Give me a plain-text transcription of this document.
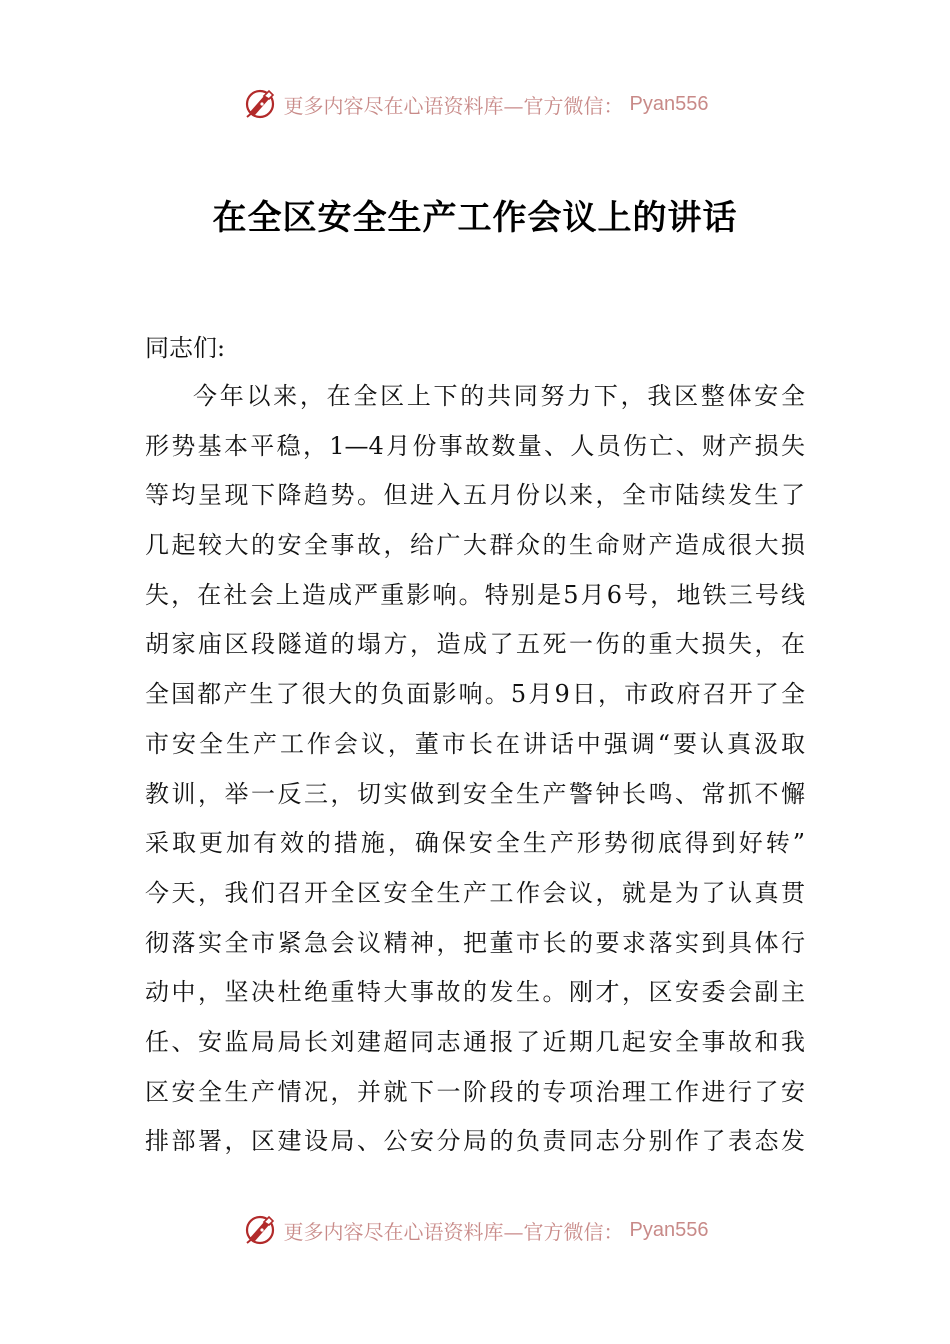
更多内容尽在心语资料库—官方微信： Pyan556
在全区安全生产工作会议上的讲话

同志们:

今年以来，在全区上下的共同努力下，我区整体安全
形势基本平稳，1—4月份事故数量、人员伤亡、财产损失
等均呈现下降趋势。但进入五月份以来，全市陆续发生了
几起较大的安全事故，给广大群众的生命财产造成很大损
失，在社会上造成严重影响。特别是5月6号，地铁三号线
胡家庙区段隧道的塌方，造成了五死一伤的重大损失，在
全国都产生了很大的负面影响。5月9日，市政府召开了全
市安全生产工作会议，董市长在讲话中强调“要认真汲取
教训，举一反三，切实做到安全生产警钟长鸣、常抓不懈
采取更加有效的措施，确保安全生产形势彻底得到好转”
今天，我们召开全区安全生产工作会议，就是为了认真贯
彻落实全市紧急会议精神，把董市长的要求落实到具体行
动中，坚决杜绝重特大事故的发生。刚才，区安委会副主
任、安监局局长刘建超同志通报了近期几起安全事故和我
区安全生产情况，并就下一阶段的专项治理工作进行了安
排部署，区建设局、公安分局的负责同志分别作了表态发
更多内容尽在心语资料库—官方微信： Pyan556
